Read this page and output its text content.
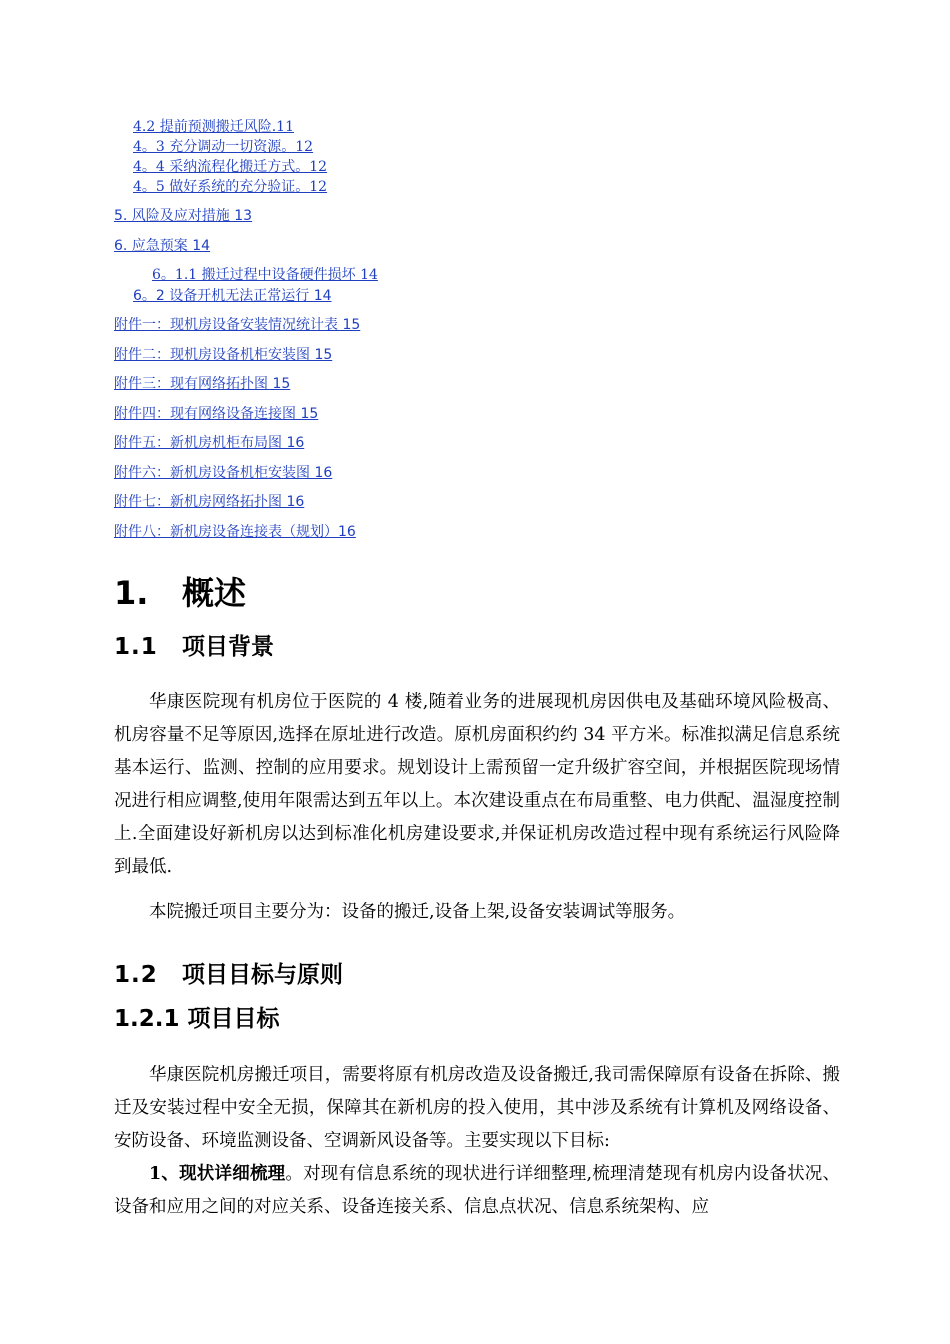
4.2 提前预测搬迁风险.11
4。3 充分调动一切资源。12
4。4 采纳流程化搬迁方式。12
4。5 做好系统的充分验证。12
5. 风险及应对措施 13
6. 应急预案 14
6。1.1 搬迁过程中设备硬件损坏 14
6。2 设备开机无法正常运行 14
附件一：现机房设备安装情况统计表 15
附件二：现机房设备机柜安装图 15
附件三：现有网络拓扑图 15
附件四：现有网络设备连接图 15
附件五：新机房机柜布局图 16
附件六：新机房设备机柜安装图 16
附件七：新机房网络拓扑图 16
附件八：新机房设备连接表（规划）16
1. 概述
1.1 项目背景

华康医院现有机房位于医院的 4 楼,随着业务的进展现机房因供电及基础环境风险极高、机房容量不足等原因,选择在原址进行改造。原机房面积约约 34 平方米。标准拟满足信息系统基本运行、监测、控制的应用要求。规划设计上需预留一定升级扩容空间，并根据医院现场情况进行相应调整,使用年限需达到五年以上。本次建设重点在布局重整、电力供配、温湿度控制上.全面建设好新机房以达到标准化机房建设要求,并保证机房改造过程中现有系统运行风险降到最低.

本院搬迁项目主要分为：设备的搬迁,设备上架,设备安装调试等服务。

1.2 项目目标与原则
1.2.1 项目目标

华康医院机房搬迁项目，需要将原有机房改造及设备搬迁,我司需保障原有设备在拆除、搬迁及安装过程中安全无损，保障其在新机房的投入使用，其中涉及系统有计算机及网络设备、安防设备、环境监测设备、空调新风设备等。主要实现以下目标:

1、现状详细梳理。对现有信息系统的现状进行详细整理,梳理清楚现有机房内设备状况、设备和应用之间的对应关系、设备连接关系、信息点状况、信息系统架构、应
